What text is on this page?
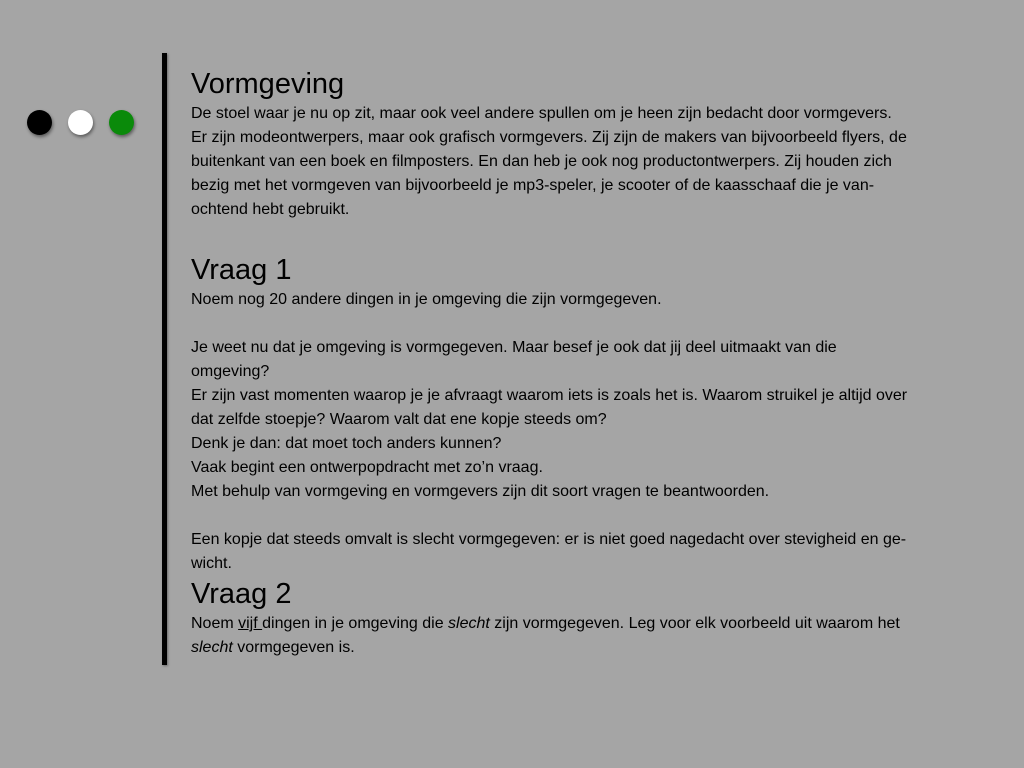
Vormgeving

De stoel waar je nu op zit, maar ook veel andere spullen om je heen zijn bedacht door vormgevers.

Er zijn modeontwerpers, maar ook grafisch vormgevers. Zij zijn de makers van bijvoorbeeld flyers, de

buitenkant van een boek en filmposters. En dan heb je ook nog productontwerpers. Zij houden zich

bezig met het vormgeven van bijvoorbeeld je mp3-speler, je scooter of de kaasschaaf die je van-

ochtend hebt gebruikt.

Vraag 1

Noem nog 20 andere dingen in je omgeving die zijn vormgegeven.

Je weet nu dat je omgeving is vormgegeven. Maar besef je ook dat jij deel uitmaakt van die

omgeving?

Er zijn vast momenten waarop je je afvraagt waarom iets is zoals het is. Waarom struikel je altijd over

dat zelfde stoepje? Waarom valt dat ene kopje steeds om?

Denk je dan: dat moet toch anders kunnen?

Vaak begint een ontwerpopdracht met zo’n vraag.

Met behulp van vormgeving en vormgevers zijn dit soort vragen te beantwoorden.

Een kopje dat steeds omvalt is slecht vormgegeven: er is niet goed nagedacht over stevigheid en ge-

wicht.

Vraag 2

Noem vijf dingen in je omgeving die slecht zijn vormgegeven. Leg voor elk voorbeeld uit waarom het

slecht vormgegeven is.
